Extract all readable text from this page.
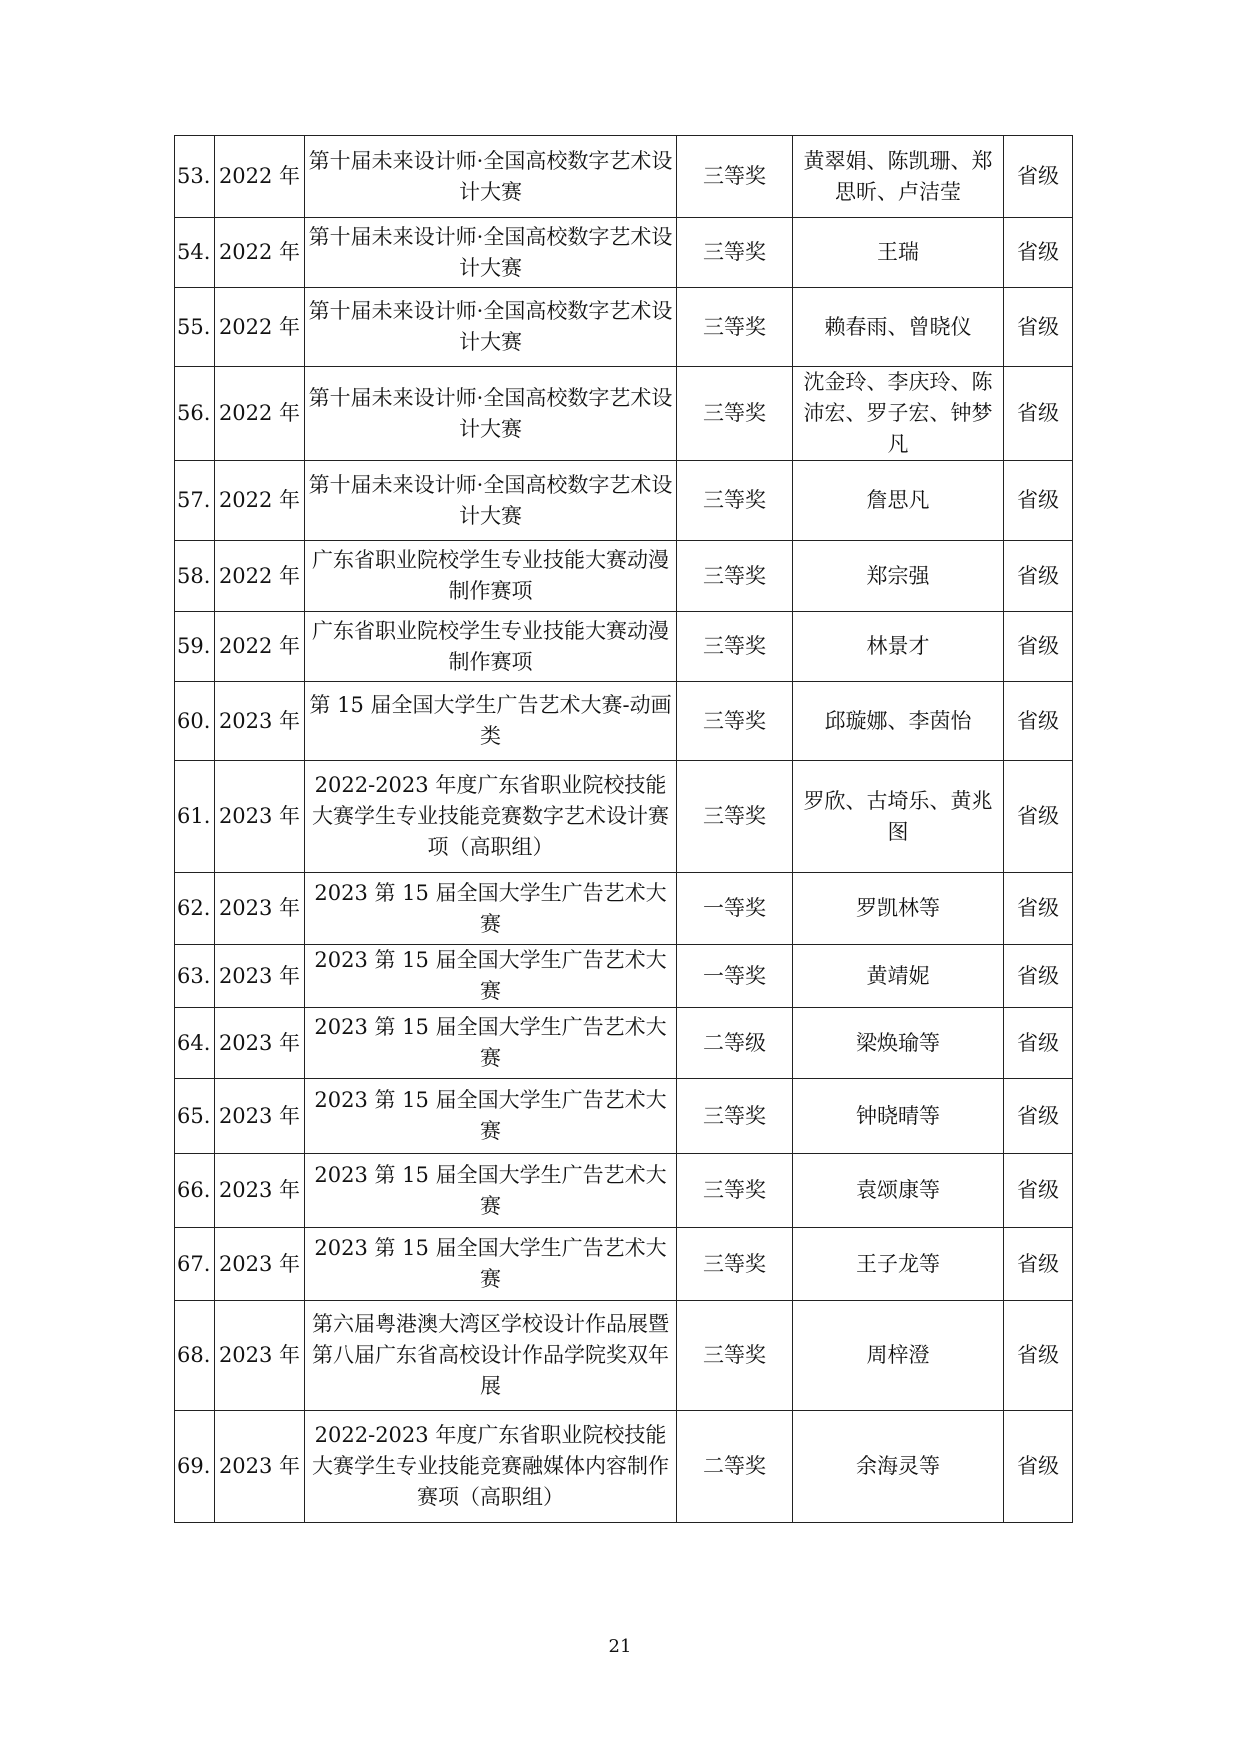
53.	2022 年	第十届未来设计师·全国高校数字艺术设计大赛	三等奖	黄翠娟、陈凯珊、郑思昕、卢洁莹	省级
54.	2022 年	第十届未来设计师·全国高校数字艺术设计大赛	三等奖	王瑞	省级
55.	2022 年	第十届未来设计师·全国高校数字艺术设计大赛	三等奖	赖春雨、曾晓仪	省级
56.	2022 年	第十届未来设计师·全国高校数字艺术设计大赛	三等奖	沈金玲、李庆玲、陈沛宏、罗子宏、钟梦凡	省级
57.	2022 年	第十届未来设计师·全国高校数字艺术设计大赛	三等奖	詹思凡	省级
58.	2022 年	广东省职业院校学生专业技能大赛动漫制作赛项	三等奖	郑宗强	省级
59.	2022 年	广东省职业院校学生专业技能大赛动漫制作赛项	三等奖	林景才	省级
60.	2023 年	第 15 届全国大学生广告艺术大赛-动画类	三等奖	邱璇娜、李茵怡	省级
61.	2023 年	2022-2023 年度广东省职业院校技能大赛学生专业技能竞赛数字艺术设计赛项（高职组）	三等奖	罗欣、古埼乐、黄兆图	省级
62.	2023 年	2023 第 15 届全国大学生广告艺术大赛	一等奖	罗凯林等	省级
63.	2023 年	2023 第 15 届全国大学生广告艺术大赛	一等奖	黄靖妮	省级
64.	2023 年	2023 第 15 届全国大学生广告艺术大赛	二等级	梁焕瑜等	省级
65.	2023 年	2023 第 15 届全国大学生广告艺术大赛	三等奖	钟晓晴等	省级
66.	2023 年	2023 第 15 届全国大学生广告艺术大赛	三等奖	袁颂康等	省级
67.	2023 年	2023 第 15 届全国大学生广告艺术大赛	三等奖	王子龙等	省级
68.	2023 年	第六届粤港澳大湾区学校设计作品展暨第八届广东省高校设计作品学院奖双年展	三等奖	周梓澄	省级
69.	2023 年	2022-2023 年度广东省职业院校技能大赛学生专业技能竞赛融媒体内容制作赛项（高职组）	二等奖	余海灵等	省级
21
